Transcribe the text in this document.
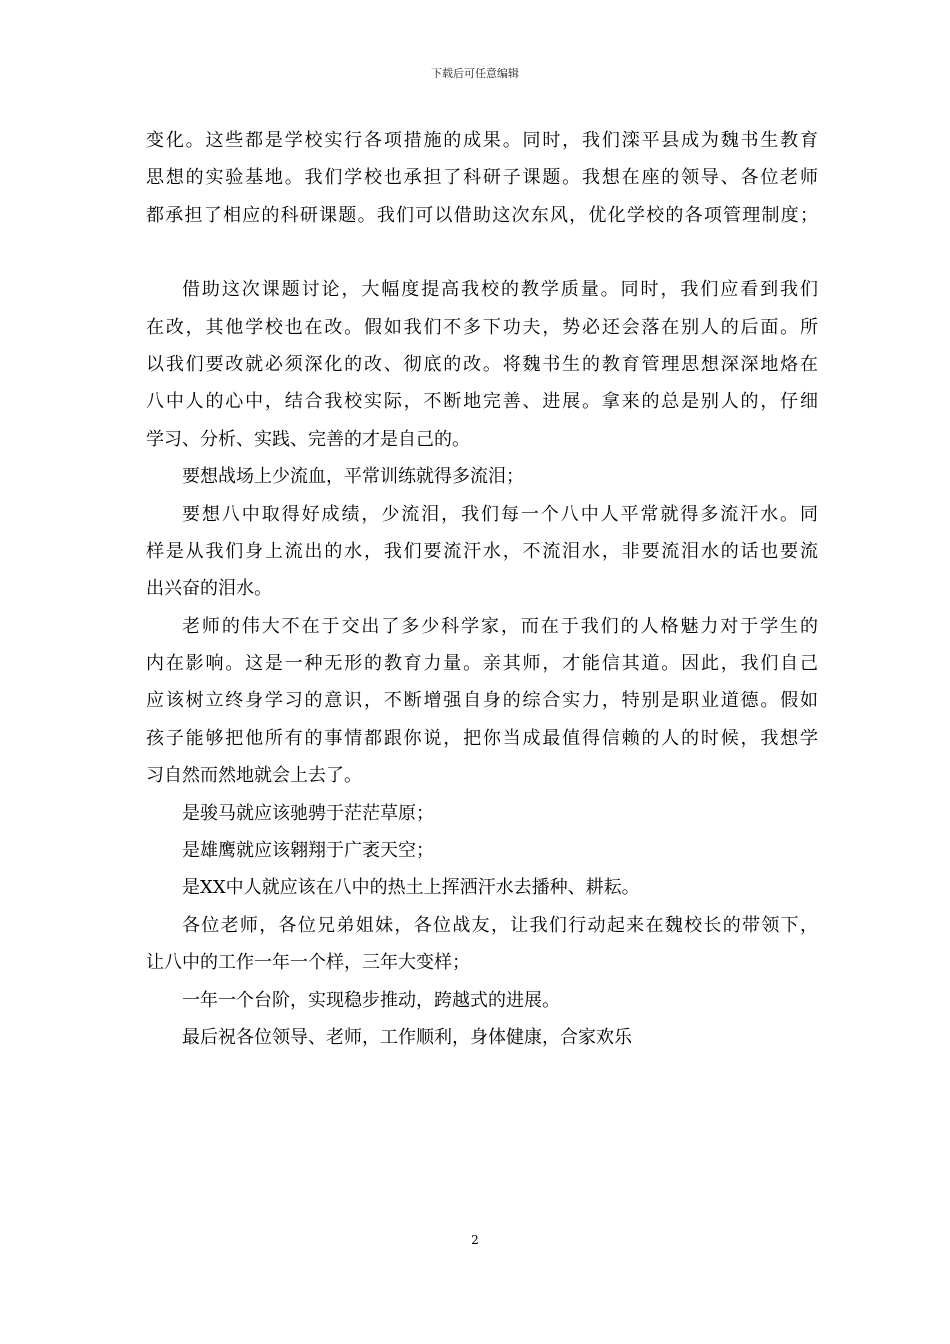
下载后可任意编辑
变化。这些都是学校实行各项措施的成果。同时，我们滦平县成为魏书生教育
思想的实验基地。我们学校也承担了科研子课题。我想在座的领导、各位老师
都承担了相应的科研课题。我们可以借助这次东风，优化学校的各项管理制度；
借助这次课题讨论，大幅度提高我校的教学质量。同时，我们应看到我们
在改，其他学校也在改。假如我们不多下功夫，势必还会落在别人的后面。所
以我们要改就必须深化的改、彻底的改。将魏书生的教育管理思想深深地烙在
八中人的心中，结合我校实际，不断地完善、进展。拿来的总是别人的，仔细
学习、分析、实践、完善的才是自己的。
要想战场上少流血，平常训练就得多流泪；
要想八中取得好成绩，少流泪，我们每一个八中人平常就得多流汗水。同
样是从我们身上流出的水，我们要流汗水，不流泪水，非要流泪水的话也要流
出兴奋的泪水。
老师的伟大不在于交出了多少科学家，而在于我们的人格魅力对于学生的
内在影响。这是一种无形的教育力量。亲其师，才能信其道。因此，我们自己
应该树立终身学习的意识，不断增强自身的综合实力，特别是职业道德。假如
孩子能够把他所有的事情都跟你说，把你当成最值得信赖的人的时候，我想学
习自然而然地就会上去了。
是骏马就应该驰骋于茫茫草原；
是雄鹰就应该翱翔于广袤天空；
是XX中人就应该在八中的热土上挥洒汗水去播种、耕耘。
各位老师，各位兄弟姐妹，各位战友，让我们行动起来在魏校长的带领下，
让八中的工作一年一个样，三年大变样；
一年一个台阶，实现稳步推动，跨越式的进展。
最后祝各位领导、老师，工作顺利，身体健康，合家欢乐
2
